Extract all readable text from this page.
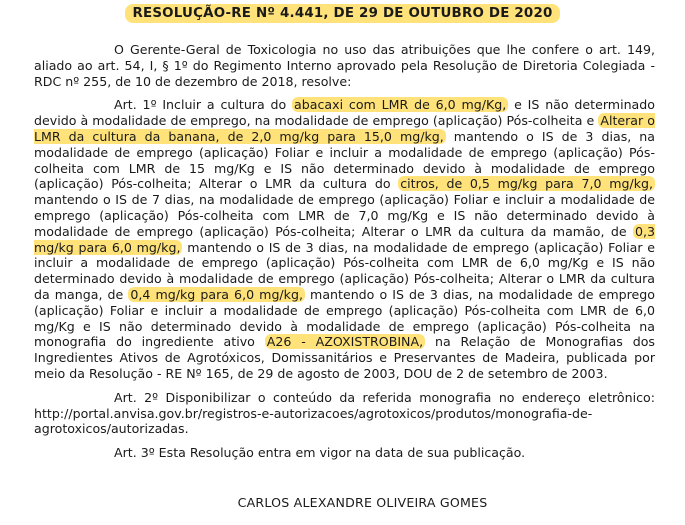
RESOLUÇÃO-RE Nº 4.441, DE 29 DE OUTUBRO DE 2020

O Gerente-Geral de Toxicologia no uso das atribuições que lhe confere o art. 149, aliado ao art. 54, I, § 1º do Regimento Interno aprovado pela Resolução de Diretoria Colegiada - RDC nº 255, de 10 de dezembro de 2018, resolve:

Art. 1º Incluir a cultura do abacaxi com LMR de 6,0 mg/Kg, e IS não determinado devido à modalidade de emprego, na modalidade de emprego (aplicação) Pós-colheita e Alterar o LMR da cultura da banana, de 2,0 mg/kg para 15,0 mg/kg, mantendo o IS de 3 dias, na modalidade de emprego (aplicação) Foliar e incluir a modalidade de emprego (aplicação) Pós-colheita com LMR de 15 mg/Kg e IS não determinado devido à modalidade de emprego (aplicação) Pós-colheita; Alterar o LMR da cultura do citros, de 0,5 mg/kg para 7,0 mg/kg, mantendo o IS de 7 dias, na modalidade de emprego (aplicação) Foliar e incluir a modalidade de emprego (aplicação) Pós-colheita com LMR de 7,0 mg/Kg e IS não determinado devido à modalidade de emprego (aplicação) Pós-colheita; Alterar o LMR da cultura da mamão, de 0,3 mg/kg para 6,0 mg/kg, mantendo o IS de 3 dias, na modalidade de emprego (aplicação) Foliar e incluir a modalidade de emprego (aplicação) Pós-colheita com LMR de 6,0 mg/Kg e IS não determinado devido à modalidade de emprego (aplicação) Pós-colheita; Alterar o LMR da cultura da manga, de 0,4 mg/kg para 6,0 mg/kg, mantendo o IS de 3 dias, na modalidade de emprego (aplicação) Foliar e incluir a modalidade de emprego (aplicação) Pós-colheita com LMR de 6,0 mg/Kg e IS não determinado devido à modalidade de emprego (aplicação) Pós-colheita na monografia do ingrediente ativo A26 - AZOXISTROBINA, na Relação de Monografias dos Ingredientes Ativos de Agrotóxicos, Domissanitários e Preservantes de Madeira, publicada por meio da Resolução - RE Nº 165, de 29 de agosto de 2003, DOU de 2 de setembro de 2003.

Art. 2º Disponibilizar o conteúdo da referida monografia no endereço eletrônico: http://portal.anvisa.gov.br/registros-e-autorizacoes/agrotoxicos/produtos/monografia-de-agrotoxicos/autorizadas.

Art. 3º Esta Resolução entra em vigor na data de sua publicação.

CARLOS ALEXANDRE OLIVEIRA GOMES
